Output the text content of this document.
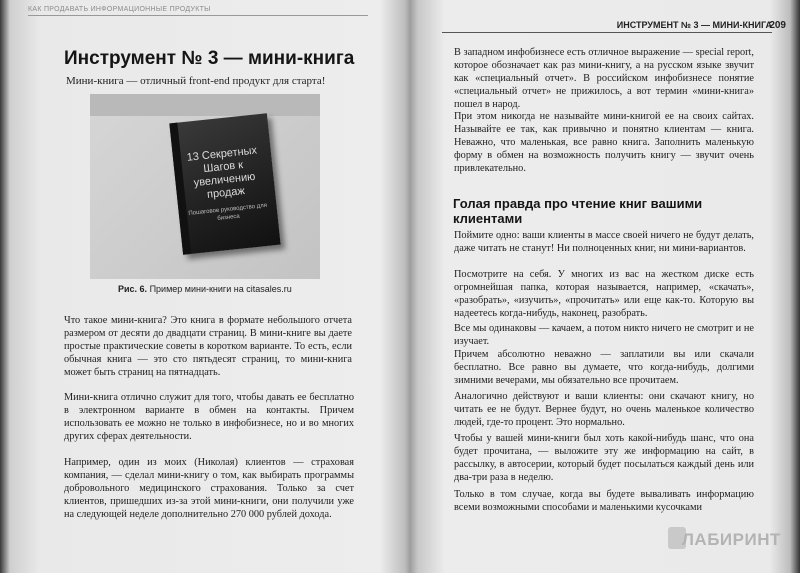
КАК ПРОДАВАТЬ ИНФОРМАЦИОННЫЕ ПРОДУКТЫ
ИНСТРУМЕНТ № 3 — МИНИ-КНИГА
209
Инструмент № 3 — мини-книга
Мини-книга — отличный front-end продукт для старта!
13 Секретных Шагов к увеличению продаж
Пошаговое руководство для бизнеса
Рис. 6. Пример мини-книги на citasales.ru

Что такое мини-книга? Это книга в формате небольшого отчета размером от десяти до двадцати страниц. В мини-книге вы даете простые практические советы в коротком варианте. То есть, если обычная книга — это сто пятьдесят страниц, то мини-книга может быть страниц на пятнадцать.

Мини-книга отлично служит для того, чтобы давать ее бесплатно в электронном варианте в обмен на контакты. Причем использовать ее можно не только в инфобизнесе, но и во многих других сферах деятельности.

Например, один из моих (Николая) клиентов — страховая компания, — сделал мини-книгу о том, как выбирать программы добровольного медицинского страхования. Только за счет клиентов, пришедших из-за этой мини-книги, они получили уже на следующей неделе дополнительно 270 000 рублей дохода.

В западном инфобизнесе есть отличное выражение — special report, которое обозначает как раз мини-книгу, а на русском языке звучит как «специальный отчет». В российском инфобизнесе понятие «специальный отчет» не прижилось, а вот термин «мини-книга» пошел в народ.

При этом никогда не называйте мини-книгой ее на своих сайтах. Называйте ее так, как привычно и понятно клиентам — книга. Неважно, что маленькая, все равно книга. Заполнить маленькую форму в обмен на возможность получить книгу — звучит очень привлекательно.

Голая правда про чтение книг вашими клиентами

Поймите одно: ваши клиенты в массе своей ничего не будут делать, даже читать не станут! Ни полноценных книг, ни мини-вариантов.

Посмотрите на себя. У многих из вас на жестком диске есть огромнейшая папка, которая называется, например, «скачать», «разобрать», «изучить», «прочитать» или еще как-то. Которую вы надеетесь когда-нибудь, наконец, разобрать.

Все мы одинаковы — качаем, а потом никто ничего не смотрит и не изучает.

Причем абсолютно неважно — заплатили вы или скачали бесплатно. Все равно вы думаете, что когда-нибудь, долгими зимними вечерами, мы обязательно все прочитаем.

Аналогично действуют и ваши клиенты: они скачают книгу, но читать ее не будут. Вернее будут, но очень маленькое количество людей, где-то процент. Это нормально.

Чтобы у вашей мини-книги был хоть какой-нибудь шанс, что она будет прочитана, — выложите эту же информацию на сайт, в рассылку, в автосерии, который будет посылаться каждый день или два-три раза в неделю.

Только в том случае, когда вы будете вываливать информацию всеми возможными способами и маленькими кусочками

ЛАБИРИНТ
